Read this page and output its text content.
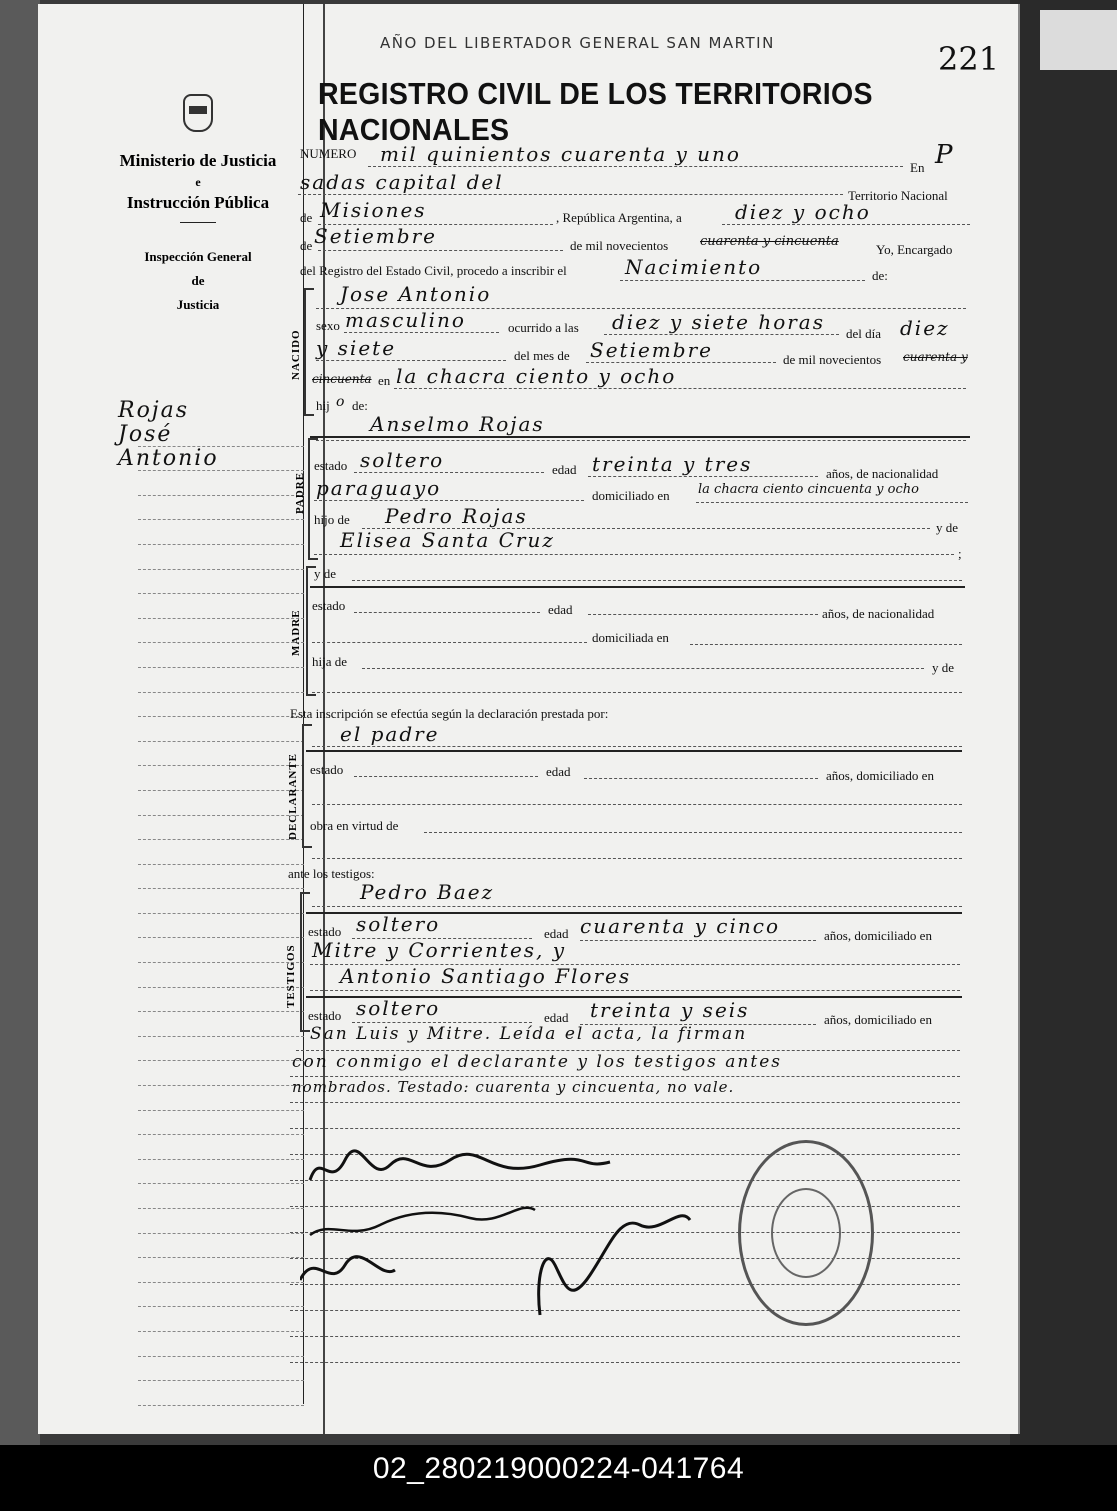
Ministerio de Justicia
e
Instrucción Pública
Inspección General
de
Justicia
Rojas
José
Antonio
AÑO DEL LIBERTADOR GENERAL SAN MARTIN
REGISTRO CIVIL DE LOS TERRITORIOS NACIONALES
221
NUMERO mil quinientos cuarenta y uno
En P
sadas capital del
Territorio Nacional
de Misiones	, República Argentina, a	diez y ocho
de Setiembre	de mil novecientos cuarenta y cincuenta
Yo, Encargado
del Registro del Estado Civil, procedo a inscribir el	Nacimiento	de:
NACIDO
Jose Antonio
sexo masculino	ocurrido a las diez y siete horas del día diez
y siete	del mes de Setiembre	de mil novecientos cuarenta y
cincuenta en la chacra ciento y ocho
hij o de:
Anselmo Rojas
PADRE
estado soltero	edad treinta y tres	años, de nacionalidad
paraguayo	domiciliado en la chacra ciento cincuenta y ocho
hijo de Pedro Rojas	y de
Elisea Santa Cruz
;
MADRE
y de
estado	edad	años, de nacionalidad
domiciliada en
hija de	y de
Esta inscripción se efectúa según la declaración prestada por:
DECLARANTE
el padre
estado	edad	años, domiciliado en
obra en virtud de
ante los testigos:
TESTIGOS
Pedro Baez
estado soltero	edad cuarenta y cinco	años, domiciliado en
Mitre y Corrientes, y
Antonio Santiago Flores
estado soltero	edad treinta y seis	años, domiciliado en
San Luis y Mitre. Leída el acta, la firman
con conmigo el declarante y los testigos antes
nombrados. Testado: cuarenta y cincuenta, no vale.
02_280219000224-041764
